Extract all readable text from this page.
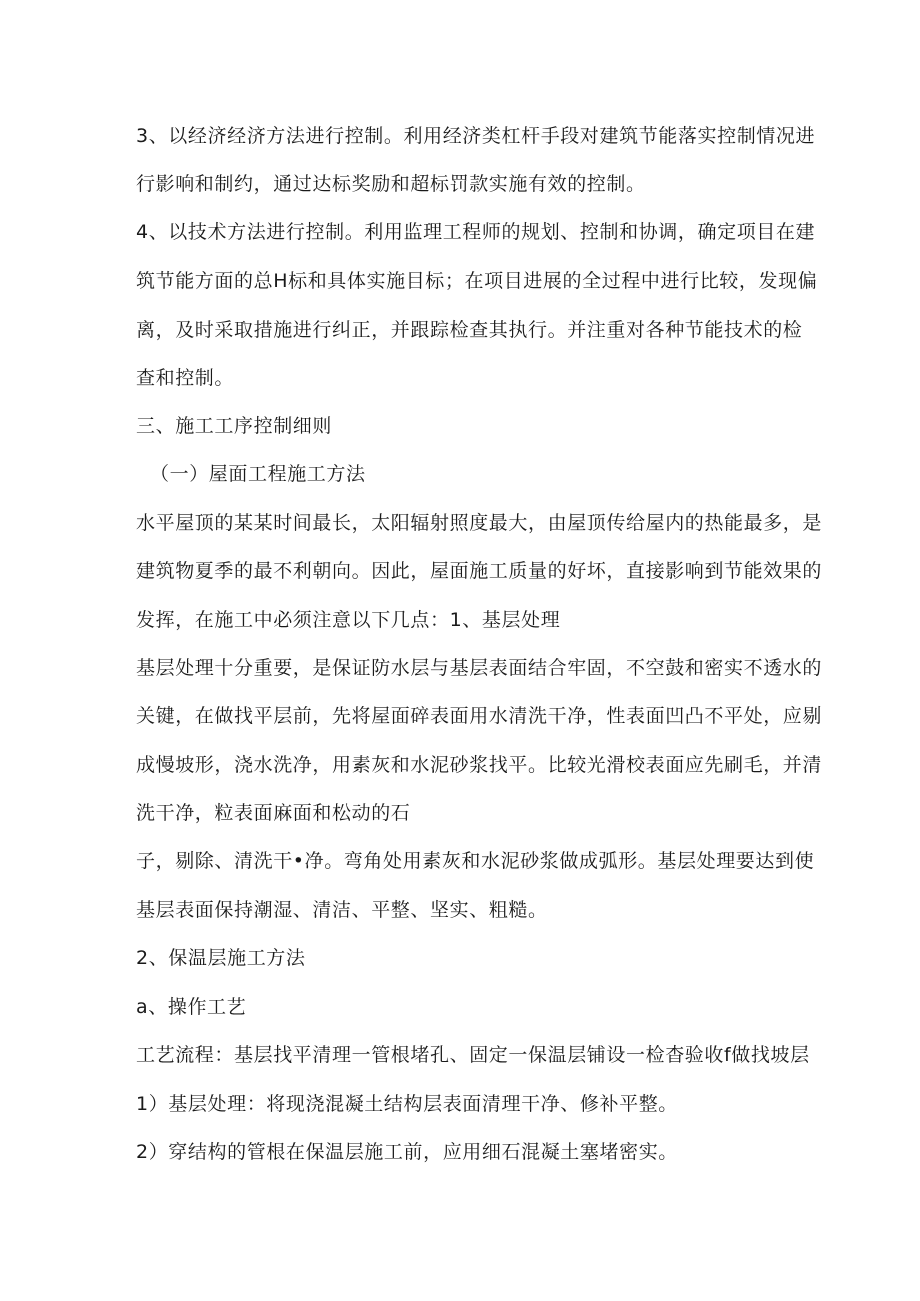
3、以经济经济方法进行控制。利用经济类杠杆手段对建筑节能落实控制情况进

行影响和制约，通过达标奖励和超标罚款实施有效的控制。

4、以技术方法进行控制。利用监理工程师的规划、控制和协调，确定项目在建

筑节能方面的总H标和具体实施目标；在项目进展的全过程中进行比较，发现偏

离，及时采取措施进行纠正，并跟踪检查其执行。并注重对各种节能技术的检

查和控制。

三、施工工序控制细则

（一）屋面工程施工方法

水平屋顶的某某时间最长，太阳辐射照度最大，由屋顶传给屋内的热能最多，是

建筑物夏季的最不利朝向。因此，屋面施工质量的好坏，直接影响到节能效果的

发挥，在施工中必须注意以下几点：1、基层处理

基层处理十分重要，是保证防水层与基层表面结合牢固，不空鼓和密实不透水的

关键，在做找平层前，先将屋面碎表面用水清洗干净，性表面凹凸不平处，应剔

成慢坡形，浇水洗净，用素灰和水泥砂浆找平。比较光滑校表面应先刷毛，并清

洗干净，粒表面麻面和松动的石

子，剔除、清洗干•净。弯角处用素灰和水泥砂浆做成弧形。基层处理要达到使

基层表面保持潮湿、清洁、平整、坚实、粗糙。

2、保温层施工方法

a、操作工艺

工艺流程：基层找平清理一管根堵孔、固定一保温层铺设一检杳验收f做找坡层

1）基层处理：将现浇混凝土结构层表面清理干净、修补平整。

2）穿结构的管根在保温层施工前，应用细石混凝土塞堵密实。
